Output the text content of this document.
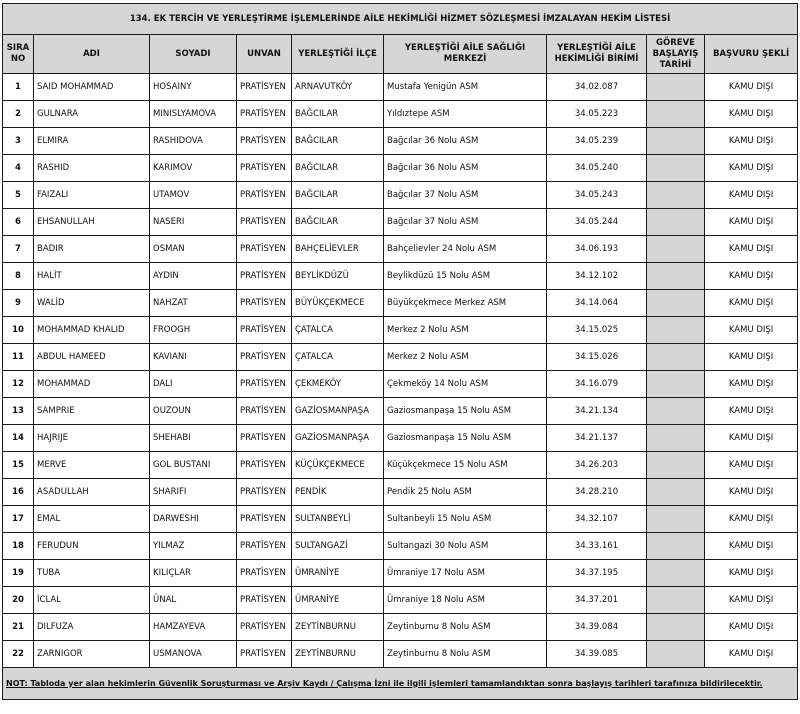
134. EK TERCİH VE YERLEŞTİRME İŞLEMLERİNDE AİLE HEKİMLİĞİ HİZMET SÖZLEŞMESİ İMZALAYAN HEKİM LİSTESİ								
SIRA NO	ADI	SOYADI	UNVAN	YERLEŞTİĞİ İLÇE	YERLEŞTİĞİ AİLE SAĞLIĞI MERKEZİ	YERLEŞTİĞİ AİLE HEKİMLİĞİ BİRİMİ	GÖREVE BAŞLAYIŞ TARİHİ	BAŞVURU ŞEKLİ
1	SAID MOHAMMAD	HOSAINY	PRATİSYEN	ARNAVUTKÖY	Mustafa Yenigün ASM	34.02.087		KAMU DIŞI
2	GULNARA	MINISLYAMOVA	PRATİSYEN	BAĞCILAR	Yıldıztepe ASM	34.05.223		KAMU DIŞI
3	ELMIRA	RASHIDOVA	PRATİSYEN	BAĞCILAR	Bağcılar 36 Nolu ASM	34.05.239		KAMU DIŞI
4	RASHID	KARIMOV	PRATİSYEN	BAĞCILAR	Bağcılar 36 Nolu ASM	34.05.240		KAMU DIŞI
5	FAIZALI	UTAMOV	PRATİSYEN	BAĞCILAR	Bağcılar 37 Nolu ASM	34.05.243		KAMU DIŞI
6	EHSANULLAH	NASERI	PRATİSYEN	BAĞCILAR	Bağcılar 37 Nolu ASM	34.05.244		KAMU DIŞI
7	BADIR	OSMAN	PRATİSYEN	BAHÇELİEVLER	Bahçelievler 24 Nolu ASM	34.06.193		KAMU DIŞI
8	HALİT	AYDIN	PRATİSYEN	BEYLİKDÜZÜ	Beylikdüzü 15 Nolu ASM	34.12.102		KAMU DIŞI
9	WALİD	NAHZAT	PRATİSYEN	BÜYÜKÇEKMECE	Büyükçekmece Merkez ASM	34.14.064		KAMU DIŞI
10	MOHAMMAD KHALID	FROOGH	PRATİSYEN	ÇATALCA	Merkez 2 Nolu ASM	34.15.025		KAMU DIŞI
11	ABDUL HAMEED	KAVIANI	PRATİSYEN	ÇATALCA	Merkez 2 Nolu ASM	34.15.026		KAMU DIŞI
12	MOHAMMAD	DALI	PRATİSYEN	ÇEKMEKÖY	Çekmeköy 14 Nolu ASM	34.16.079		KAMU DIŞI
13	SAMPRIE	OUZOUN	PRATİSYEN	GAZİOSMANPAŞA	Gaziosmanpaşa 15 Nolu ASM	34.21.134		KAMU DIŞI
14	HAJRIJE	SHEHABI	PRATİSYEN	GAZİOSMANPAŞA	Gaziosmanpaşa 15 Nolu ASM	34.21.137		KAMU DIŞI
15	MERVE	GOL BUSTANI	PRATİSYEN	KÜÇÜKÇEKMECE	Küçükçekmece 15 Nolu ASM	34.26.203		KAMU DIŞI
16	ASADULLAH	SHARIFI	PRATİSYEN	PENDİK	Pendik 25 Nolu ASM	34.28.210		KAMU DIŞI
17	EMAL	DARWESHI	PRATİSYEN	SULTANBEYLİ	Sultanbeyli 15 Nolu ASM	34.32.107		KAMU DIŞI
18	FERUDUN	YILMAZ	PRATİSYEN	SULTANGAZİ	Sultangazi 30 Nolu ASM	34.33.161		KAMU DIŞI
19	TUBA	KILIÇLAR	PRATİSYEN	ÜMRANİYE	Ümraniye 17 Nolu ASM	34.37.195		KAMU DIŞI
20	İCLAL	ÜNAL	PRATİSYEN	ÜMRANİYE	Ümraniye 18 Nolu ASM	34.37.201		KAMU DIŞI
21	DILFUZA	HAMZAYEVA	PRATİSYEN	ZEYTİNBURNU	Zeytinburnu 8 Nolu ASM	34.39.084		KAMU DIŞI
22	ZARNIGOR	USMANOVA	PRATİSYEN	ZEYTİNBURNU	Zeytinburnu 8 Nolu ASM	34.39.085		KAMU DIŞI
NOT: Tabloda yer alan hekimlerin Güvenlik Soruşturması ve Arşiv Kaydı / Çalışma İzni ile ilgili işlemleri tamamlandıktan sonra başlayış tarihleri tarafınıza bildirilecektir.								
